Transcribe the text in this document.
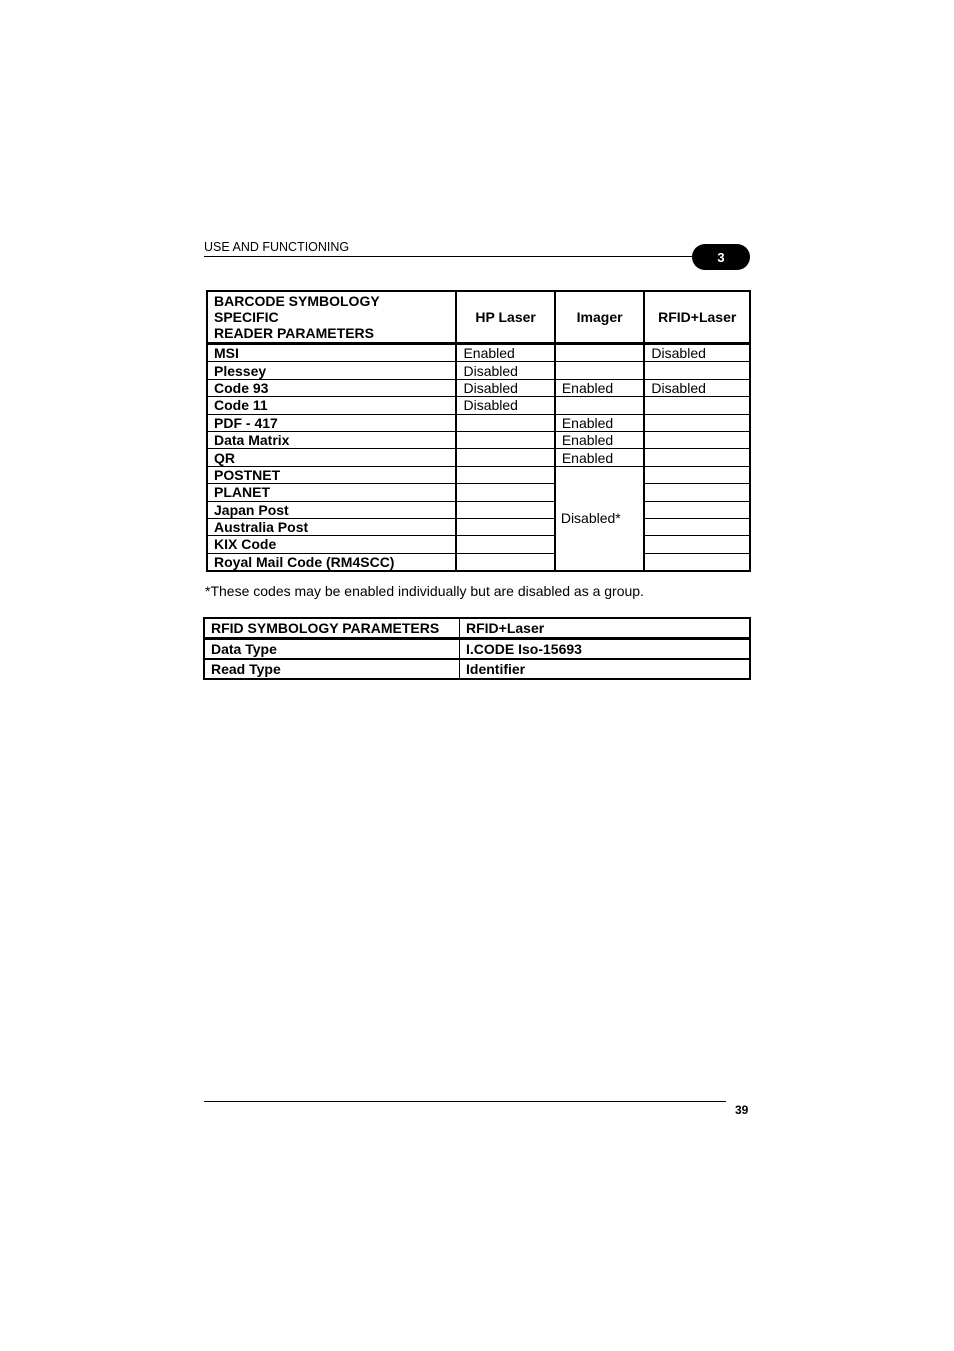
USE AND FUNCTIONING
3
BARCODE SYMBOLOGY
SPECIFIC
READER PARAMETERS	HP Laser	Imager	RFID+Laser
MSI	Enabled		Disabled
Plessey	Disabled		
Code 93	Disabled	Enabled	Disabled
Code 11	Disabled		
PDF - 417		Enabled	
Data Matrix		Enabled	
QR		Enabled	
POSTNET		Disabled*	
PLANET			
Japan Post			
Australia Post			
KIX Code			
Royal Mail Code (RM4SCC)			
*These codes may be enabled individually but are disabled as a group.
RFID SYMBOLOGY PARAMETERS	RFID+Laser
Data Type	I.CODE Iso-15693
Read Type	Identifier
39
